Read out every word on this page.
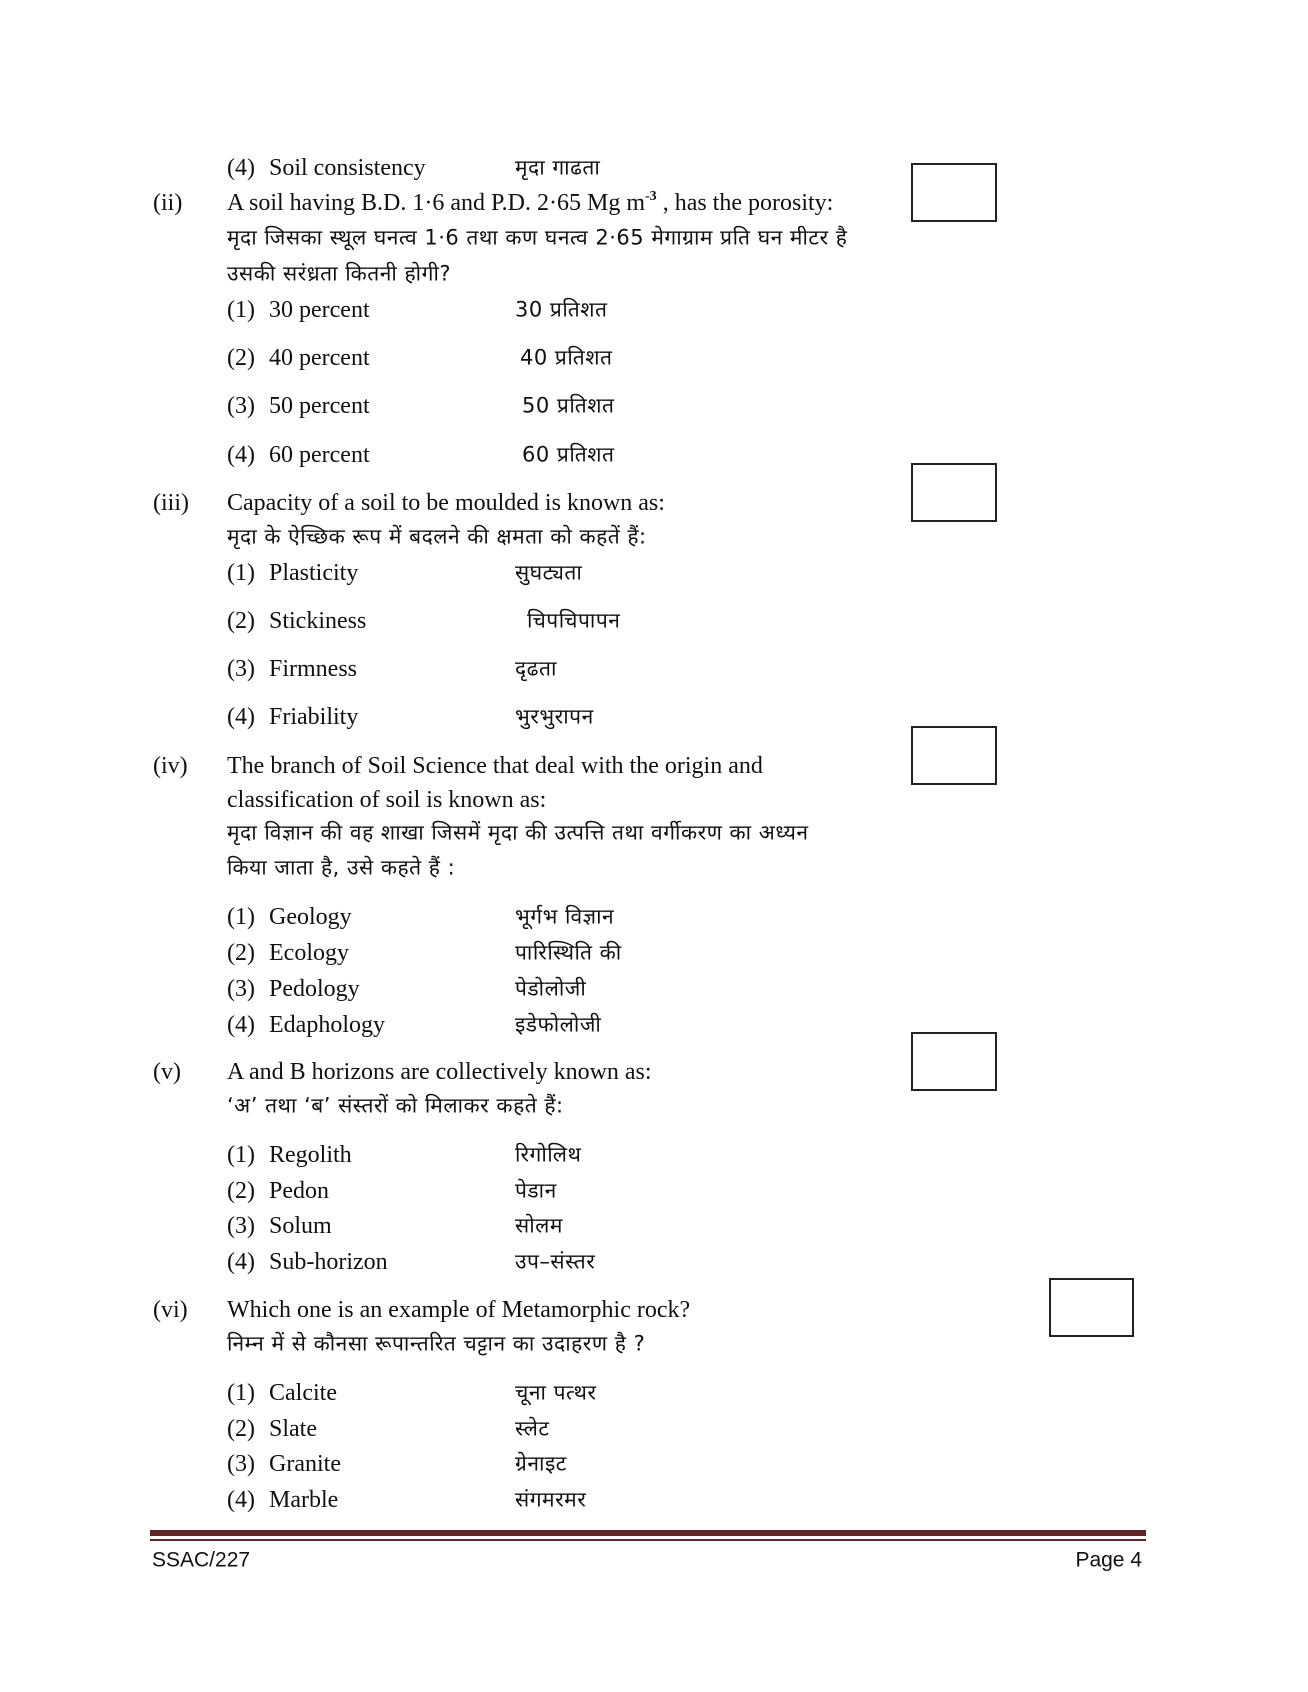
(4) Soil consistency	मृदा गाढता
(ii) A soil having B.D. 1·6 and P.D. 2·65 Mg $m^{-3}$ , has the porosity:
मृदा जिसका स्थूल घनत्व 1·6 तथा कण घनत्व 2·65 मेगाग्राम प्रति घन मीटर है
उसकी सरंध्रता कितनी होगी?
(1) 30 percent	30 प्रतिशत
(2) 40 percent	40 प्रतिशत
(3) 50 percent	50 प्रतिशत
(4) 60 percent	60 प्रतिशत
(iii) Capacity of a soil to be moulded is known as:
मृदा के ऐच्छिक रूप में बदलने की क्षमता को कहतें हैं:
(1) Plasticity	सुघट्यता
(2) Stickiness	चिपचिपापन
(3) Firmness	दृढता
(4) Friability	भुरभुरापन
(iv) The branch of Soil Science that deal with the origin and
classification of soil is known as:
मृदा विज्ञान की वह शाखा जिसमें मृदा की उत्पत्ति तथा वर्गीकरण का अध्यन
किया जाता है, उसे कहते हैं :
(1) Geology	भूर्गभ विज्ञान
(2) Ecology	पारिस्थिति की
(3) Pedology	पेडोलोजी
(4) Edaphology	इडेफोलोजी
(v) A and B horizons are collectively known as:
‘अ’ तथा ‘ब’ संस्तरों को मिलाकर कहते हैं:
(1) Regolith	रिगोलिथ
(2) Pedon	पेडान
(3) Solum	सोलम
(4) Sub-horizon	उप–संस्तर
(vi) Which one is an example of Metamorphic rock?
निम्न में से कौनसा रूपान्तरित चट्टान का उदाहरण है ?
(1) Calcite	चूना पत्थर
(2) Slate	स्लेट
(3) Granite	ग्रेनाइट
(4) Marble	संगमरमर
SSAC/227	Page 4
